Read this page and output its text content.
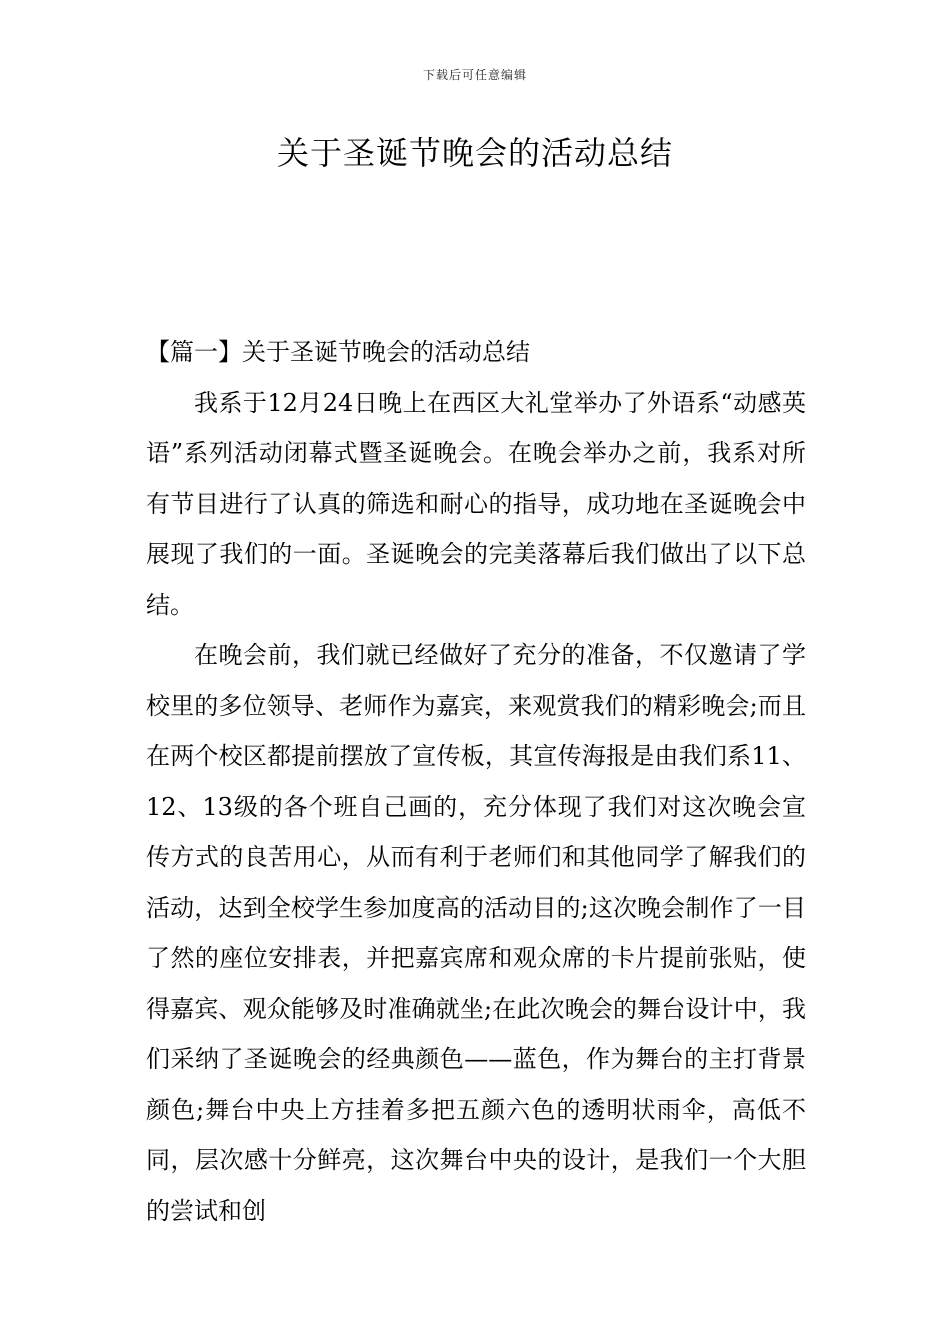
下载后可任意编辑
关于圣诞节晚会的活动总结

【篇一】关于圣诞节晚会的活动总结

我系于12月24日晚上在西区大礼堂举办了外语系“动感英语”系列活动闭幕式暨圣诞晚会。在晚会举办之前，我系对所有节目进行了认真的筛选和耐心的指导，成功地在圣诞晚会中展现了我们的一面。圣诞晚会的完美落幕后我们做出了以下总结。

在晚会前，我们就已经做好了充分的准备，不仅邀请了学校里的多位领导、老师作为嘉宾，来观赏我们的精彩晚会;而且在两个校区都提前摆放了宣传板，其宣传海报是由我们系11、12、13级的各个班自己画的，充分体现了我们对这次晚会宣传方式的良苦用心，从而有利于老师们和其他同学了解我们的活动，达到全校学生参加度高的活动目的;这次晚会制作了一目了然的座位安排表，并把嘉宾席和观众席的卡片提前张贴，使得嘉宾、观众能够及时准确就坐;在此次晚会的舞台设计中，我们采纳了圣诞晚会的经典颜色——蓝色，作为舞台的主打背景颜色;舞台中央上方挂着多把五颜六色的透明状雨伞，高低不同，层次感十分鲜亮，这次舞台中央的设计，是我们一个大胆的尝试和创
